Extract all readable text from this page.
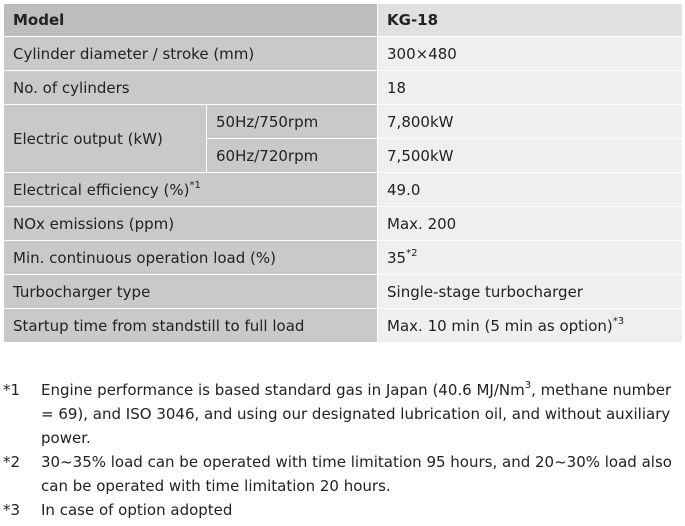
Model		KG-18
Cylinder diameter / stroke (mm)		300×480
No. of cylinders		18
Electric output (kW)	50Hz/750rpm	7,800kW
	60Hz/720rpm	7,500kW
Electrical efficiency (%)$^{*1}$		49.0
NOx emissions (ppm)		Max. 200
Min. continuous operation load (%)		35$^{*2}$
Turbocharger type		Single-stage turbocharger
Startup time from standstill to full load		Max. 10 min (5 min as option)$^{*3}$
*1 Engine performance is based standard gas in Japan (40.6 MJ/Nm$^3$, methane number = 69), and ISO 3046, and using our designated lubrication oil, and without auxiliary power.
*2 30~35% load can be operated with time limitation 95 hours, and 20~30% load also can be operated with time limitation 20 hours.
*3 In case of option adopted
